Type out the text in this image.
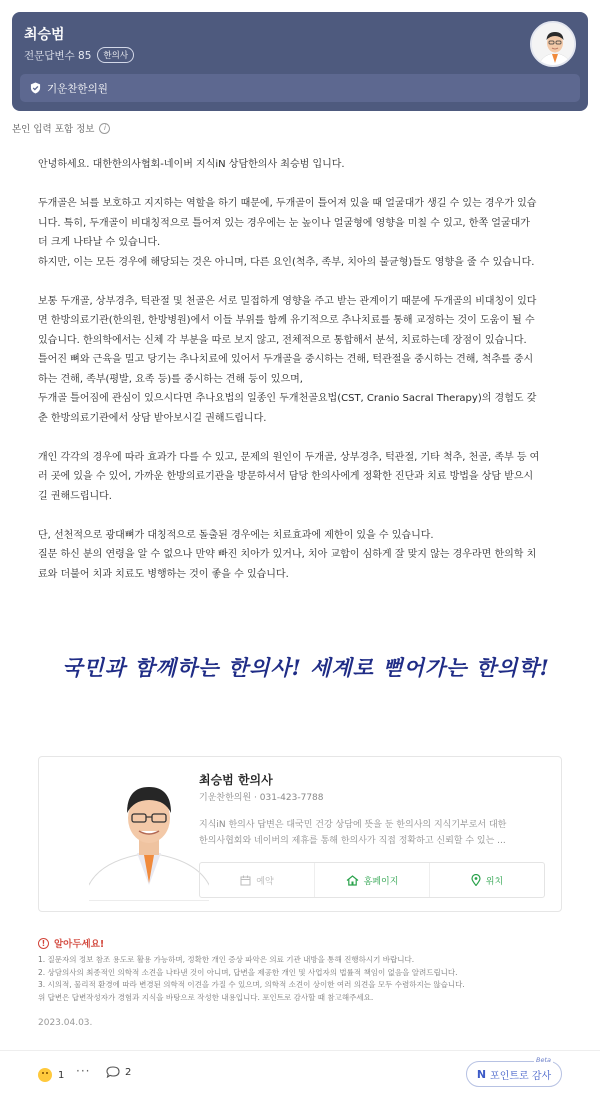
최승범
전문답변수 85	한의사
기운찬한의원
본인 입력 포함 정보	i

안녕하세요. 대한한의사협회-네이버 지식iN 상담한의사 최승범 입니다.

두개골은 뇌를 보호하고 지지하는 역할을 하기 때문에, 두개골이 틀어져 있을 때 얼굴대가 생길 수 있는 경우가 있습
니다. 특히, 두개골이 비대칭적으로 틀어져 있는 경우에는 눈 높이나 얼굴형에 영향을 미칠 수 있고, 한쪽 얼굴대가
더 크게 나타날 수 있습니다.
하지만, 이는 모든 경우에 해당되는 것은 아니며, 다른 요인(척추, 족부, 치아의 불균형)들도 영향을 줄 수 있습니다.

보통 두개골, 상부경추, 턱관절 및 천골은 서로 밀접하게 영향을 주고 받는 관계이기 때문에 두개골의 비대칭이 있다
면 한방의료기관(한의원, 한방병원)에서 이들 부위를 함께 유기적으로 추나치료를 통해 교정하는 것이 도움이 될 수
있습니다. 한의학에서는 신체 각 부분을 따로 보지 않고, 전체적으로 통합해서 분석, 치료하는데 장점이 있습니다.
틀어진 뼈와 근육을 밀고 당기는 추나치료에 있어서 두개골을 중시하는 견해, 턱관절을 중시하는 견해, 척추를 중시
하는 견해, 족부(평발, 요족 등)를 중시하는 견해 등이 있으며,
두개골 틀어짐에 관심이 있으시다면 추나요법의 일종인 두개천골요법(CST, Cranio Sacral Therapy)의 경험도 갖
춘 한방의료기관에서 상담 받아보시길 권해드립니다.

개인 각각의 경우에 따라 효과가 다를 수 있고, 문제의 원인이 두개골, 상부경추, 턱관절, 기타 척추, 천골, 족부 등 여
러 곳에 있을 수 있어, 가까운 한방의료기관을 방문하셔서 담당 한의사에게 정확한 진단과 치료 방법을 상담 받으시
길 권해드립니다.

단, 선천적으로 광대뼈가 대칭적으로 돌출된 경우에는 치료효과에 제한이 있을 수 있습니다.
질문 하신 분의 연령을 알 수 없으나 만약 빠진 치아가 있거나, 치아 교합이 심하게 잘 맞지 않는 경우라면 한의학 치
료와 더불어 치과 치료도 병행하는 것이 좋을 수 있습니다.

국민과 함께하는 한의사! 세계로 뻗어가는 한의학!
최승범 한의사
기운찬한의원 · 031-423-7788
지식iN 한의사 답변은 대국민 건강 상담에 뜻을 둔 한의사의 지식기부로서 대한
한의사협회와 네이버의 제휴를 통해 한의사가 직접 정확하고 신뢰할 수 있는 ...
예약	홈페이지	위치
! 알아두세요!
1. 질문자의 정보 참조 용도로 활용 가능하며, 정확한 개인 증상 파악은 의료 기관 내방을 통해 진행하시기 바랍니다.
2. 상담의사의 최종적인 의학적 소견을 나타낸 것이 아니며, 답변을 제공한 개인 및 사업자의 법률적 책임이 없음을 알려드립니다.
3. 시의적, 물리적 환경에 따라 변경된 의학적 이견을 가질 수 있으며, 의학적 소견이 상이한 여러 의견을 모두 수렴하지는 않습니다.
위 답변은 답변작성자가 경험과 지식을 바탕으로 작성한 내용입니다. 포인트로 감사할 때 참고해주세요.
2023.04.03.
1 ···	2	N 포인트로 감사
Beta
